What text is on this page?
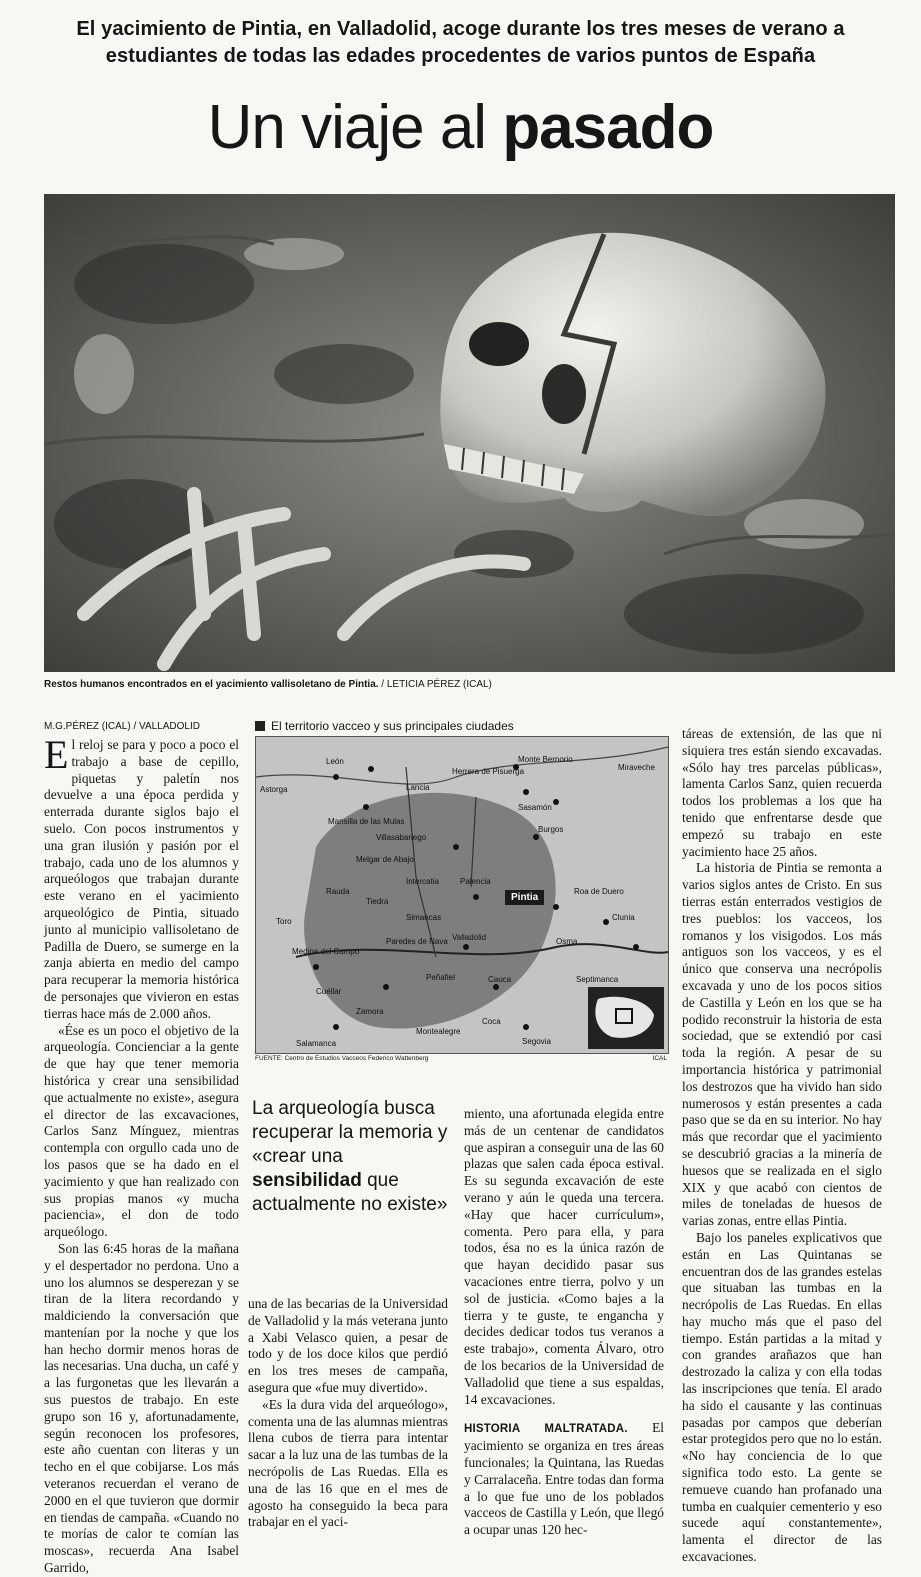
El yacimiento de Pintia, en Valladolid, acoge durante los tres meses de verano a
estudiantes de todas las edades procedentes de varios puntos de España
Un viaje al pasado
Restos humanos encontrados en el yacimiento vallisoletano de Pintia. / LETICIA PÉREZ (ICAL)
M.G.PÉREZ (ICAL) / VALLADOLID

El reloj se para y poco a poco el trabajo a base de cepillo, piquetas y paletín nos devuelve a una época perdida y enterrada durante siglos bajo el suelo. Con pocos instrumentos y una gran ilusión y pasión por el trabajo, cada uno de los alumnos y arqueólogos que trabajan durante este verano en el yacimiento arqueológico de Pintia, situado junto al municipio vallisoletano de Padilla de Duero, se sumerge en la zanja abierta en medio del campo para recuperar la memoria histórica de personajes que vivieron en estas tierras hace más de 2.000 años.

«Ése es un poco el objetivo de la arqueología. Concienciar a la gente de que hay que tener memoria histórica y crear una sensibilidad que actualmente no existe», asegura el director de las excavaciones, Carlos Sanz Mínguez, mientras contempla con orgullo cada uno de los pasos que se ha dado en el yacimiento y que han realizado con sus propias manos «y mucha paciencia», el don de todo arqueólogo.

Son las 6:45 horas de la mañana y el despertador no perdona. Uno a uno los alumnos se desperezan y se tiran de la litera recordando y maldiciendo la conversación que mantenían por la noche y que los han hecho dormir menos horas de las necesarias. Una ducha, un café y a las furgonetas que les llevarán a sus puestos de trabajo. En este grupo son 16 y, afortunadamente, según reconocen los profesores, este año cuentan con literas y un techo en el que cobijarse. Los más veteranos recuerdan el verano de 2000 en el que tuvieron que dormir en tiendas de campaña. «Cuando no te morías de calor te comían las moscas», recuerda Ana Isabel Garrido,

El territorio vacceo y sus principales ciudades
León
Astorga
Mansilla de las Mulas
Lancia
Villasabariego
Melgar de Abajo
Palencia
Burgos
Miraveche
Sasamón
Monte Bernorio
Herrera de Pisuerga
Valladolid
Cauca
Coca
Segovia
Salamanca
Tiedra
Simancas
Roa de Duero
Clunia
Osma
Peñafiel
Cuéllar
Zamora
Toro
Medina del Campo
Paredes de Nava
Montealegre
Rauda
Intercatia
Septimanca
Pintia
FUENTE: Centro de Estudios Vacceos Federico Wattenberg	ICAL
La arqueología busca recuperar la memoria y «crear una sensibilidad que actualmente no existe»

una de las becarias de la Universidad de Valladolid y la más veterana junto a Xabi Velasco quien, a pesar de todo y de los doce kilos que perdió en los tres meses de campaña, asegura que «fue muy divertido».

«Es la dura vida del arqueólogo», comenta una de las alumnas mientras llena cubos de tierra para intentar sacar a la luz una de las tumbas de la necrópolis de Las Ruedas. Ella es una de las 16 que en el mes de agosto ha conseguido la beca para trabajar en el yaci-

miento, una afortunada elegida entre más de un centenar de candidatos que aspiran a conseguir una de las 60 plazas que salen cada época estival. Es su segunda excavación de este verano y aún le queda una tercera. «Hay que hacer currículum», comenta. Pero para ella, y para todos, ésa no es la única razón de que hayan decidido pasar sus vacaciones entre tierra, polvo y un sol de justicia. «Como bajes a la tierra y te guste, te engancha y decides dedicar todos tus veranos a este trabajo», comenta Álvaro, otro de los becarios de la Universidad de Valladolid que tiene a sus espaldas, 14 excavaciones.

HISTORIA MALTRATADA. El yacimiento se organiza en tres áreas funcionales; la Quintana, las Ruedas y Carralaceña. Entre todas dan forma a lo que fue uno de los poblados vacceos de Castilla y León, que llegó a ocupar unas 120 hec-

táreas de extensión, de las que ni siquiera tres están siendo excavadas. «Sólo hay tres parcelas públicas», lamenta Carlos Sanz, quien recuerda todos los problemas a los que ha tenido que enfrentarse desde que empezó su trabajo en este yacimiento hace 25 años.

La historia de Pintia se remonta a varios siglos antes de Cristo. En sus tierras están enterrados vestigios de tres pueblos: los vacceos, los romanos y los visigodos. Los más antiguos son los vacceos, y es el único que conserva una necrópolis excavada y uno de los pocos sitios de Castilla y León en los que se ha podido reconstruir la historia de esta sociedad, que se extendió por casi toda la región. A pesar de su importancia histórica y patrimonial los destrozos que ha vivido han sido numerosos y están presentes a cada paso que se da en su interior. No hay más que recordar que el yacimiento se descubrió gracias a la minería de huesos que se realizada en el siglo XIX y que acabó con cientos de miles de toneladas de huesos de varias zonas, entre ellas Pintia.

Bajo los paneles explicativos que están en Las Quintanas se encuentran dos de las grandes estelas que situaban las tumbas en la necrópolis de Las Ruedas. En ellas hay mucho más que el paso del tiempo. Están partidas a la mitad y con grandes arañazos que han destrozado la caliza y con ella todas las inscripciones que tenía. El arado ha sido el causante y las continuas pasadas por campos que deberían estar protegidos pero que no lo están. «No hay conciencia de lo que significa todo esto. La gente se remueve cuando han profanado una tumba en cualquier cementerio y eso sucede aquí constantemente», lamenta el director de las excavaciones.
